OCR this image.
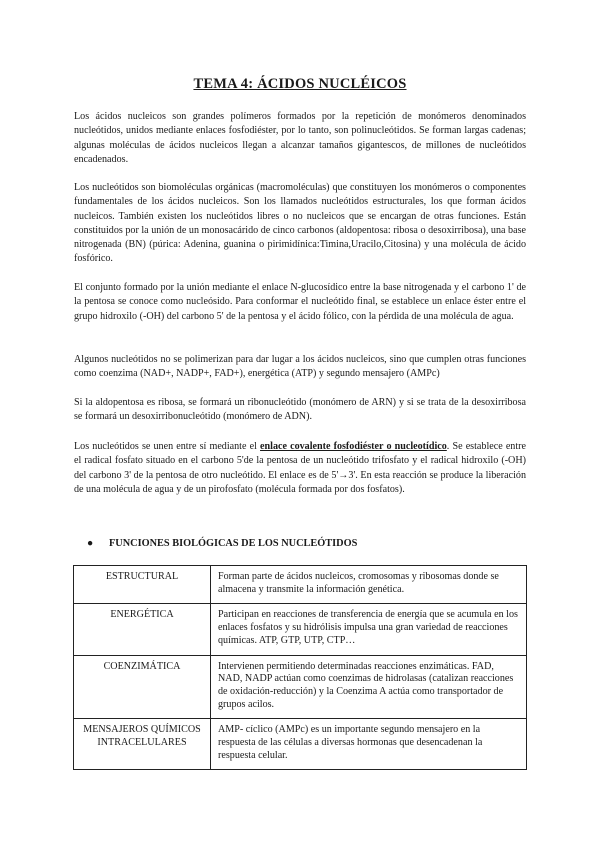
TEMA 4: ÁCIDOS NUCLÉICOS

Los ácidos nucleicos son grandes polímeros formados por la repetición de monómeros denominados nucleótidos, unidos mediante enlaces fosfodiéster, por lo tanto, son polinucleótidos. Se forman largas cadenas; algunas moléculas de ácidos nucleicos llegan a alcanzar tamaños gigantescos, de millones de nucleótidos encadenados.

Los nucleótidos son biomoléculas orgánicas (macromoléculas) que constituyen los monómeros o componentes fundamentales de los ácidos nucleicos. Son los llamados nucleótidos estructurales, los que forman ácidos nucleicos. También existen los nucleótidos libres o no nucleicos que se encargan de otras funciones. Están constituidos por la unión de un monosacárido de cinco carbonos (aldopentosa: ribosa o desoxirribosa), una base nitrogenada (BN) (púrica: Adenina, guanina o pirimidínica:Timina,Uracilo,Citosina) y una molécula de ácido fosfórico.

El conjunto formado por la unión mediante el enlace N-glucosídico entre la base nitrogenada y el carbono 1' de la pentosa se conoce como nucleósido. Para conformar el nucleótido final, se establece un enlace éster entre el grupo hidroxilo (-OH) del carbono 5' de la pentosa y el ácido fólico, con la pérdida de una molécula de agua.

Algunos nucleótidos no se polimerizan para dar lugar a los ácidos nucleicos, sino que cumplen otras funciones como coenzima (NAD+, NADP+, FAD+), energética (ATP) y segundo mensajero (AMPc)

Si la aldopentosa es ribosa, se formará un ribonucleótido (monómero de ARN) y si se trata de la desoxirribosa se formará un desoxirribonucleótido (monómero de ADN).

Los nucleótidos se unen entre sí mediante el enlace covalente fosfodiéster o nucleotídico. Se establece entre el radical fosfato situado en el carbono 5'de la pentosa de un nucleótido trifosfato y el radical hidroxilo (-OH) del carbono 3' de la pentosa de otro nucleótido. El enlace es de 5'→3'. En esta reacción se produce la liberación de una molécula de agua y de un pirofosfato (molécula formada por dos fosfatos).

● FUNCIONES BIOLÓGICAS DE LOS NUCLEÓTIDOS
ESTRUCTURAL	Forman parte de ácidos nucleicos, cromosomas y ribosomas donde se almacena y transmite la información genética.
ENERGÉTICA	Participan en reacciones de transferencia de energía que se acumula en los enlaces fosfatos y su hidrólisis impulsa una gran variedad de reacciones químicas. ATP, GTP, UTP, CTP…
COENZIMÁTICA	Intervienen permitiendo determinadas reacciones enzimáticas. FAD, NAD, NADP actúan como coenzimas de hidrolasas (catalizan reacciones de oxidación-reducción) y la Coenzima A actúa como transportador de grupos acilos.
MENSAJEROS QUÍMICOS INTRACELULARES	AMP- cíclico (AMPc) es un importante segundo mensajero en la respuesta de las células a diversas hormonas que desencadenan la respuesta celular.
